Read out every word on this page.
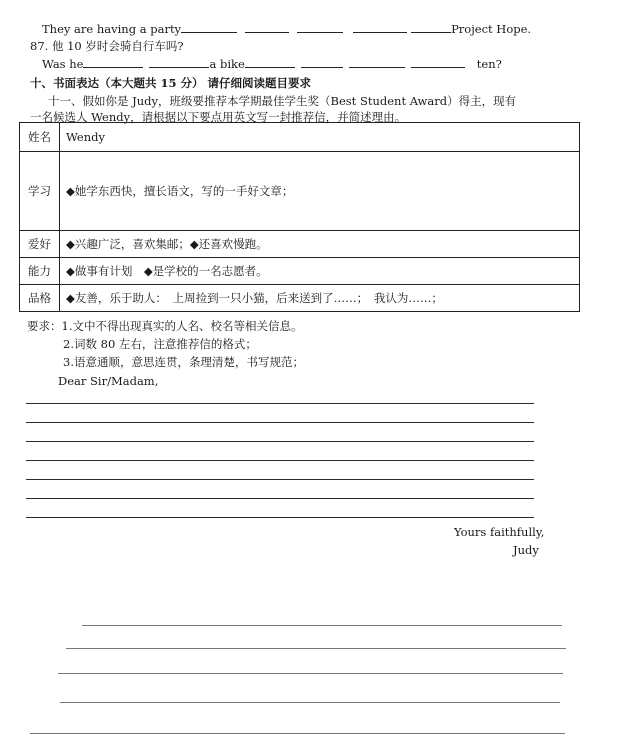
They are having a party	Project Hope.
87. 他 10 岁时会骑自行车吗?
Was he	a bike	ten?
十、书面表达（本大题共 15 分） 请仔细阅读题目要求
十一、假如你是 Judy，班级要推荐本学期最佳学生奖（Best Student Award）得主，现有
一名候选人 Wendy，请根据以下要点用英文写一封推荐信，并简述理由。
姓名	Wendy
学习	◆她学东西快，擅长语文，写的一手好文章；
爱好	◆兴趣广泛，喜欢集邮；◆还喜欢慢跑。
能力	◆做事有计划　◆是学校的一名志愿者。
品格	◆友善，乐于助人：　上周捡到一只小猫，后来送到了……；　我认为……；
要求：1.文中不得出现真实的人名、校名等相关信息。
2.词数 80 左右，注意推荐信的格式；
3.语意通顺，意思连贯，条理清楚，书写规范；
Dear Sir/Madam,
Yours faithfully,
Judy
